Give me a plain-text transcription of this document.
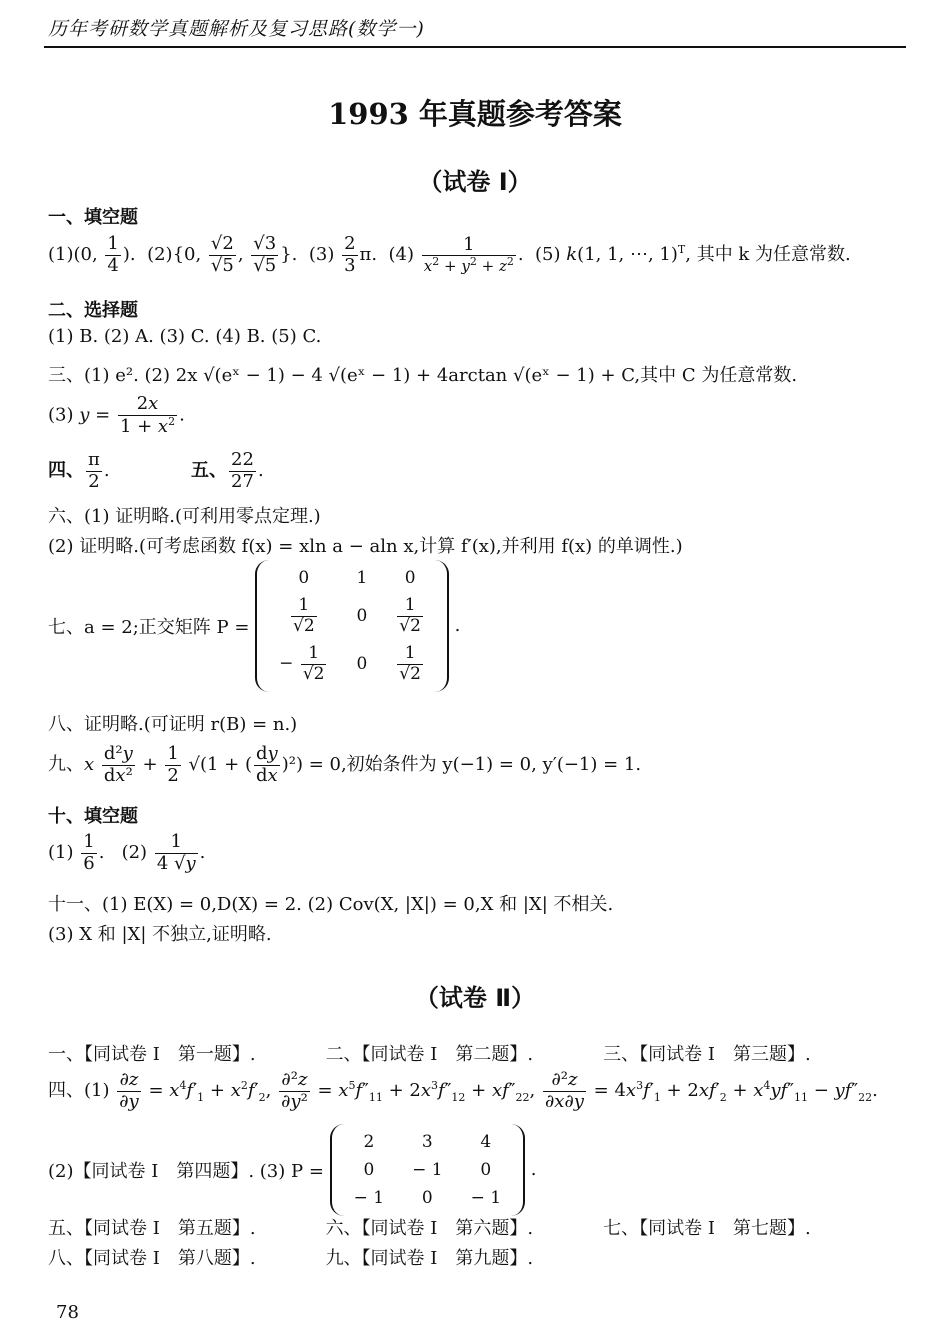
历年考研数学真题解析及复习思路(数学一)
1993 年真题参考答案
（试卷 Ⅰ）
一、填空题
(1)(0, $\frac{1}{4}$ ).  (2){0, $\frac{√2}{√5}$ , $\frac{√3}{√5}$ }.  $(3) \frac{2}{3} \pi$.  $(4) \frac{1}{x^2 + y^2 + z^2}$ .  (5) k(1, 1, ⋯, 1)$^T$, 其中 k 为任意常数.
二、选择题
(1) B. (2) A. (3) C. (4) B. (5) C.
三、(1) e². (2) 2x √(eˣ − 1) − 4 √(eˣ − 1) + 4arctan √(eˣ − 1) + C,其中 C 为任意常数.
(3) $y = \frac{2x}{1 + x^2}$ .
四、 $\frac{\pi}{2}$ .	五、 $\frac{22}{27}$ .
六、(1) 证明略.(可利用零点定理.)
(2) 证明略.(可考虑函数 f(x) = xln a − aln x,计算 f′(x),并利用 f(x) 的单调性.)
七、a = 2;正交矩阵 P =
0	1	0

$\frac{1}{√2}$	0	$\frac{1}{√2}$

− $\frac{1}{√2}$	0	$\frac{1}{√2}$
.
八、证明略.(可证明 r(B) = n.)
九、x $\frac{\text{d²y}}{\text{dx²}} + \frac{1}{2} √(1$ + ( $\frac{dy}{dx} )^2) = 0$,初始条件为 y(−1) = 0, y′(−1) = 1.
十、填空题
$(1) \frac{1}{6}$ .   $(2) \frac{1}{4 √y}$ .
十一、(1) E(X) = 0,D(X) = 2. (2) Cov(X, |X|) = 0,X 和 |X| 不相关.
(3) X 和 |X| 不独立,证明略.
（试卷 Ⅱ）
一、【同试卷 Ⅰ　第一题】.	二、【同试卷 Ⅰ　第二题】.	三、【同试卷 Ⅰ　第三题】.
四、$(1) \frac{\partial z}{\partial y} = x^4f'_1 + x^2f'_2$, $\frac{\text{∂²z}}{\text{∂y²}} = x^5f''_{11} + 2x^3f''_{12} + xf''_{22}$, $\frac{\text{∂²z}}{\partial x\partial y} = 4x^3f'_1 + 2xf'_2 + x^4yf''_{11} - yf''_{22}$.
(2)【同试卷 Ⅰ　第四题】. (3) P =
2	3	4
0	− 1	0
− 1	0	− 1
.
五、【同试卷 Ⅰ　第五题】.	六、【同试卷 Ⅰ　第六题】.	七、【同试卷 Ⅰ　第七题】.
八、【同试卷 Ⅰ　第八题】.	九、【同试卷 Ⅰ　第九题】.
78
